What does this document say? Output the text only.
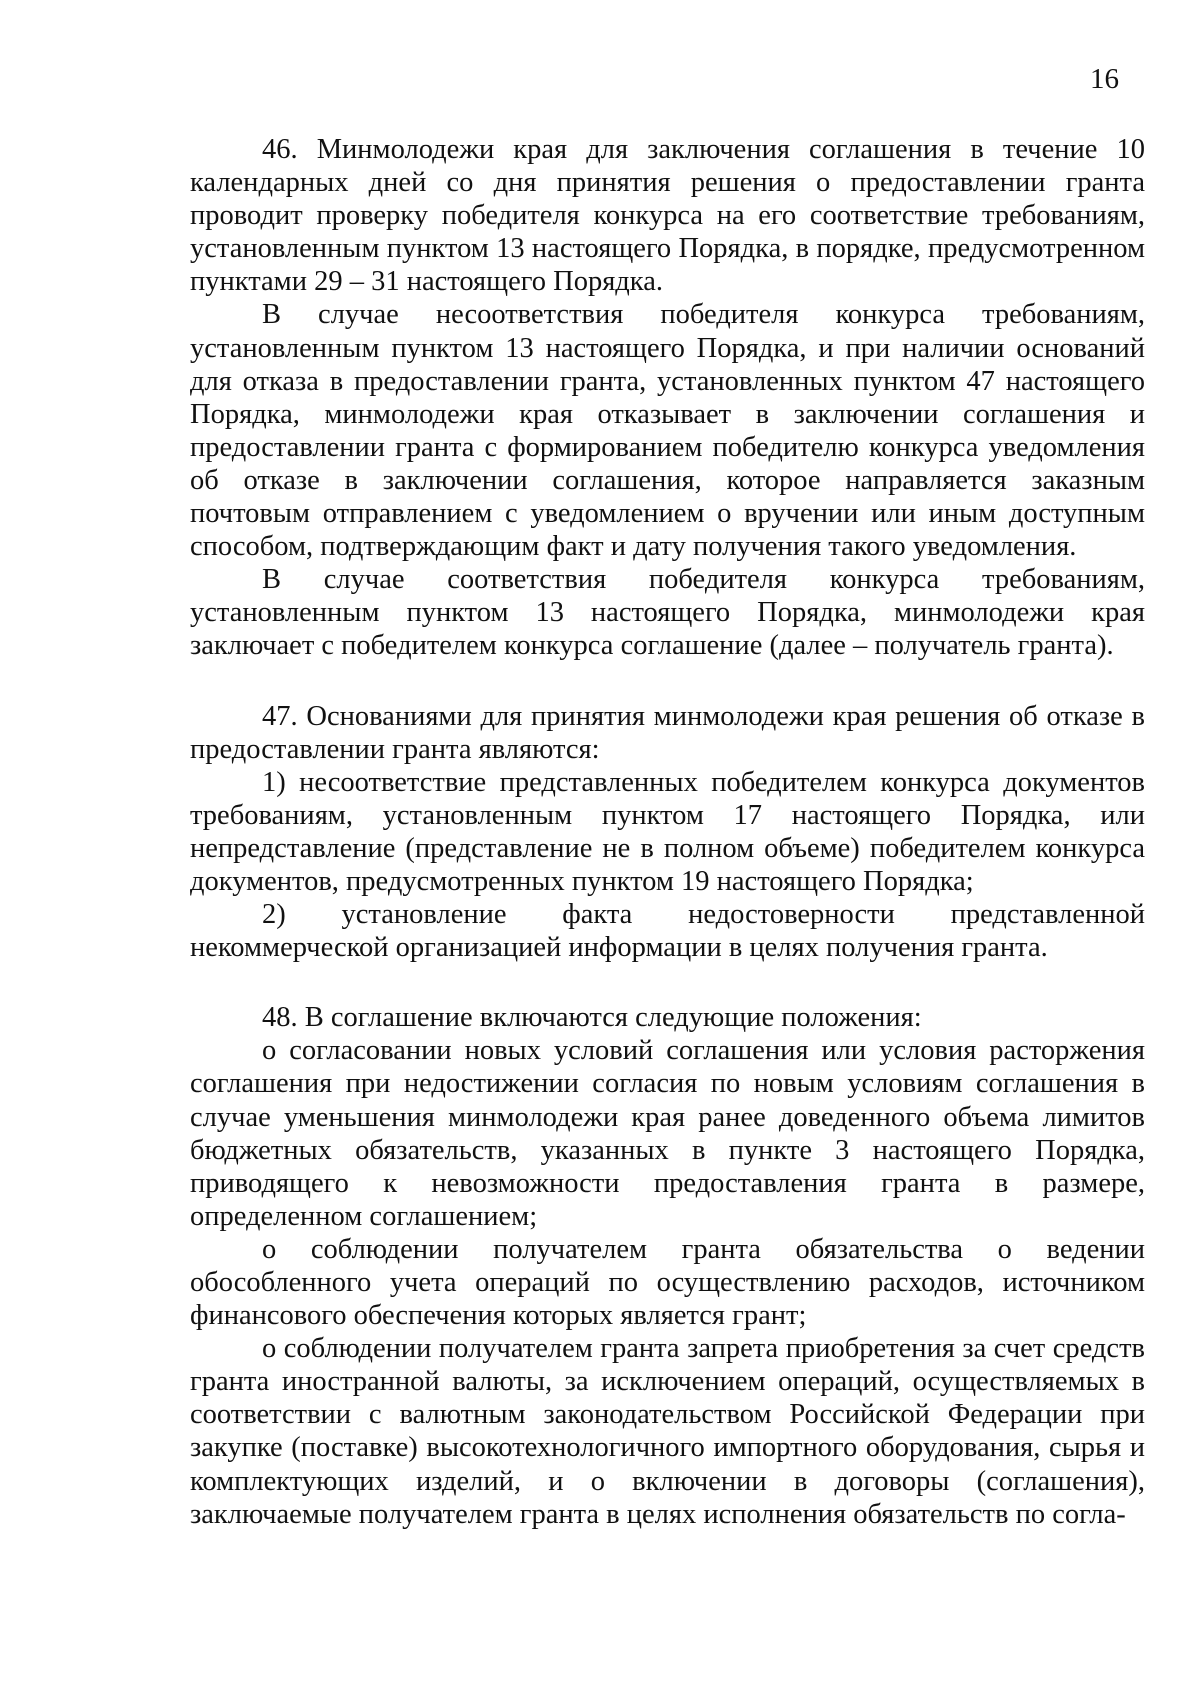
16

46. Минмолодежи края для заключения соглашения в течение 10 календарных дней со дня принятия решения о предоставлении гранта проводит проверку победителя конкурса на его соответствие требованиям, установленным пунктом 13 настоящего Порядка, в порядке, предусмотренном пунктами 29 – 31 настоящего Порядка.

В случае несоответствия победителя конкурса требованиям, установленным пунктом 13 настоящего Порядка, и при наличии оснований для отказа в предоставлении гранта, установленных пунктом 47 настоящего Порядка, минмолодежи края отказывает в заключении соглашения и предоставлении гранта с формированием победителю конкурса уведомления об отказе в заключении соглашения, которое направляется заказным почтовым отправлением с уведомлением о вручении или иным доступным способом, подтверждающим факт и дату получения такого уведомления.

В случае соответствия победителя конкурса требованиям, установленным пунктом 13 настоящего Порядка, минмолодежи края заключает с победителем конкурса соглашение (далее – получатель гранта).

47. Основаниями для принятия минмолодежи края решения об отказе в предоставлении гранта являются:

1) несоответствие представленных победителем конкурса документов требованиям, установленным пунктом 17 настоящего Порядка, или непредставление (представление не в полном объеме) победителем конкурса документов, предусмотренных пунктом 19 настоящего Порядка;

2) установление факта недостоверности представленной некоммерческой организацией информации в целях получения гранта.

48. В соглашение включаются следующие положения:

о согласовании новых условий соглашения или условия расторжения соглашения при недостижении согласия по новым условиям соглашения в случае уменьшения минмолодежи края ранее доведенного объема лимитов бюджетных обязательств, указанных в пункте 3 настоящего Порядка, приводящего к невозможности предоставления гранта в размере, определенном соглашением;

о соблюдении получателем гранта обязательства о ведении обособленного учета операций по осуществлению расходов, источником финансового обеспечения которых является грант;

о соблюдении получателем гранта запрета приобретения за счет средств гранта иностранной валюты, за исключением операций, осуществляемых в соответствии с валютным законодательством Российской Федерации при закупке (поставке) высокотехнологичного импортного оборудования, сырья и комплектующих изделий, и о включении в договоры (соглашения), заключаемые получателем гранта в целях исполнения обязательств по согла-
